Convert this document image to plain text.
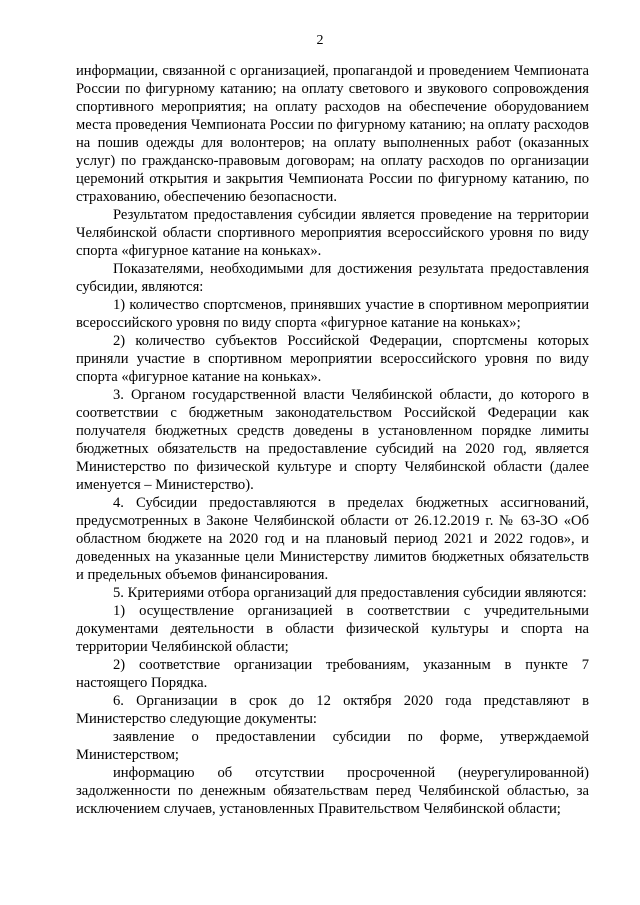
2

информации, связанной с организацией, пропагандой и проведением Чемпионата России по фигурному катанию; на оплату светового и звукового сопровождения спортивного мероприятия; на оплату расходов на обеспечение оборудованием места проведения Чемпионата России по фигурному катанию; на оплату расходов на пошив одежды для волонтеров; на оплату выполненных работ (оказанных услуг) по гражданско-правовым договорам; на оплату расходов по организации церемоний открытия и закрытия Чемпионата России по фигурному катанию, по страхованию, обеспечению безопасности.

Результатом предоставления субсидии является проведение на территории Челябинской области спортивного мероприятия всероссийского уровня по виду спорта «фигурное катание на коньках».

Показателями, необходимыми для достижения результата предоставления субсидии, являются:

1) количество спортсменов, принявших участие в спортивном мероприятии всероссийского уровня по виду спорта «фигурное катание на коньках»;

2) количество субъектов Российской Федерации, спортсмены которых приняли участие в спортивном мероприятии всероссийского уровня по виду спорта «фигурное катание на коньках».

3. Органом государственной власти Челябинской области, до которого в соответствии с бюджетным законодательством Российской Федерации как получателя бюджетных средств доведены в установленном порядке лимиты бюджетных обязательств на предоставление субсидий на 2020 год, является Министерство по физической культуре и спорту Челябинской области (далее именуется – Министерство).

4. Субсидии предоставляются в пределах бюджетных ассигнований, предусмотренных в Законе Челябинской области от 26.12.2019 г. № 63-ЗО «Об областном бюджете на 2020 год и на плановый период 2021 и 2022 годов», и доведенных на указанные цели Министерству лимитов бюджетных обязательств и предельных объемов финансирования.

5. Критериями отбора организаций для предоставления субсидии являются:

1) осуществление организацией в соответствии с учредительными документами деятельности в области физической культуры и спорта на территории Челябинской области;

2) соответствие организации требованиям, указанным в пункте 7 настоящего Порядка.

6. Организации в срок до 12 октября 2020 года представляют в Министерство следующие документы:

заявление о предоставлении субсидии по форме, утверждаемой Министерством;

информацию об отсутствии просроченной (неурегулированной) задолженности по денежным обязательствам перед Челябинской областью, за исключением случаев, установленных Правительством Челябинской области;
